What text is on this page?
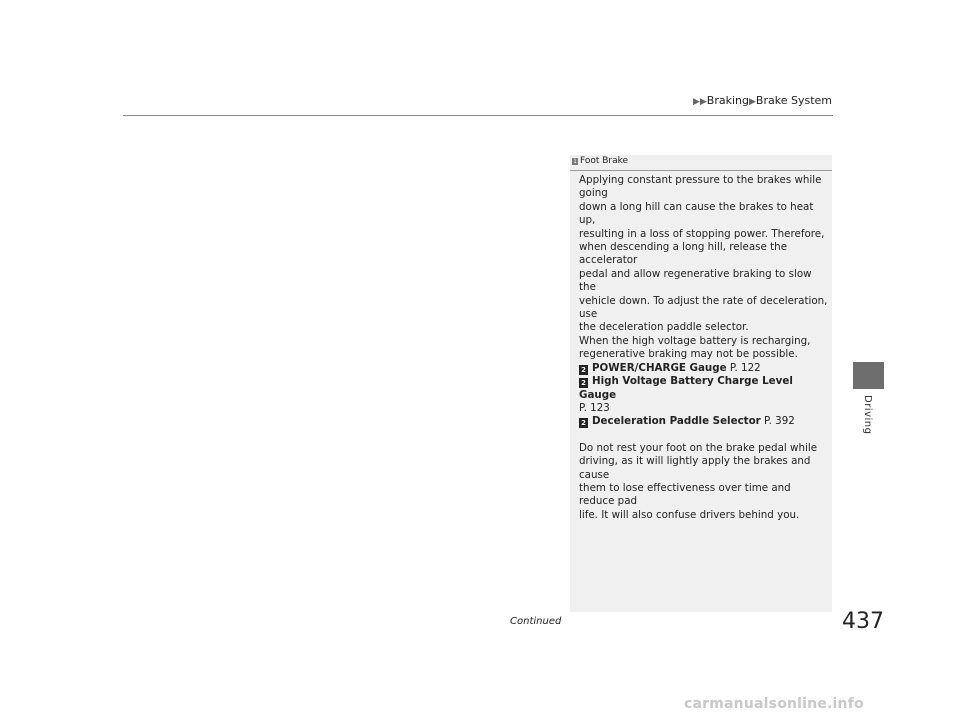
▶▶Braking▶Brake System
1 Foot Brake

Applying constant pressure to the brakes while going

down a long hill can cause the brakes to heat up,

resulting in a loss of stopping power. Therefore,

when descending a long hill, release the accelerator

pedal and allow regenerative braking to slow the

vehicle down. To adjust the rate of deceleration, use

the deceleration paddle selector.

When the high voltage battery is recharging,

regenerative braking may not be possible.

2 POWER/CHARGE Gauge P. 122

2 High Voltage Battery Charge Level Gauge

P. 123

2 Deceleration Paddle Selector P. 392

Do not rest your foot on the brake pedal while

driving, as it will lightly apply the brakes and cause

them to lose effectiveness over time and reduce pad

life. It will also confuse drivers behind you.

Driving
Continued	437
carmanualsonline.info
